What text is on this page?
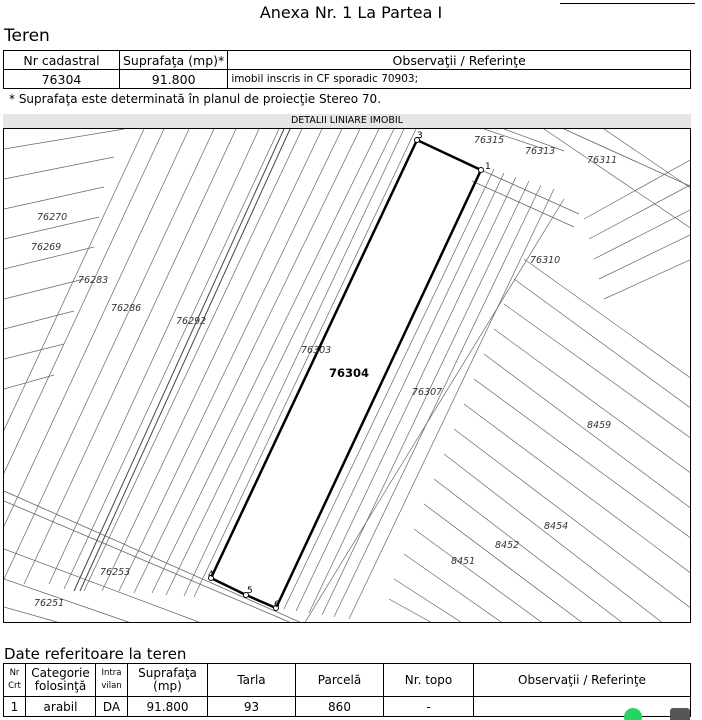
Anexa Nr. 1 La Partea I
Teren
Nr cadastral	Suprafaţa (mp)*	Observaţii / Referinţe
76304	91.800	imobil inscris in CF sporadic 70903;
* Suprafaţa este determinată în planul de proiecţie Stereo 70.
DETALII LINIARE IMOBIL
76304
76315
76313
76311
76310
76307
8459
8454
8452
8451
76253
76251
76270
76269
76283
76286
76292
76303
1
3
4
5
6
Date referitoare la teren
Nr Crt	Categorie folosinţă	Intra vilan	Suprafaţa (mp)	Tarla	Parcelă	Nr. topo	Observaţii / Referinţe
1	arabil	DA	91.800	93	860	-	
